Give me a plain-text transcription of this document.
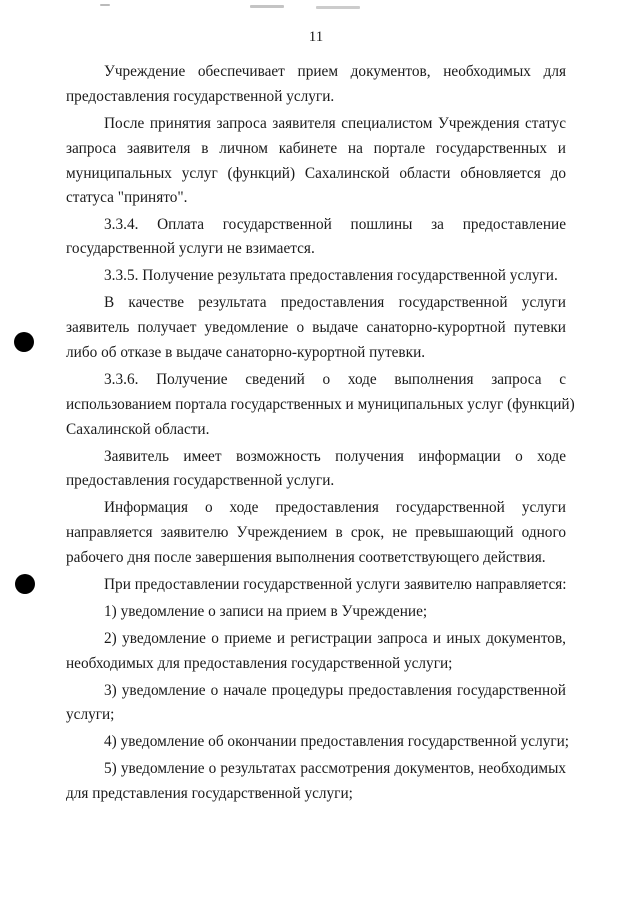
11
Учреждение обеспечивает прием документов, необходимых для
предоставления государственной услуги.
После принятия запроса заявителя специалистом Учреждения статус
запроса заявителя в личном кабинете на портале государственных и
муниципальных услуг (функций) Сахалинской области обновляется до
статуса "принято".
3.3.4. Оплата государственной пошлины за предоставление
государственной услуги не взимается.
3.3.5. Получение результата предоставления государственной услуги.
В качестве результата предоставления государственной услуги
заявитель получает уведомление о выдаче санаторно-курортной путевки
либо об отказе в выдаче санаторно-курортной путевки.
3.3.6. Получение сведений о ходе выполнения запроса с
использованием портала государственных и муниципальных услуг (функций)
Сахалинской области.
Заявитель имеет возможность получения информации о ходе
предоставления государственной услуги.
Информация о ходе предоставления государственной услуги
направляется заявителю Учреждением в срок, не превышающий одного
рабочего дня после завершения выполнения соответствующего действия.
При предоставлении государственной услуги заявителю направляется:
1) уведомление о записи на прием в Учреждение;
2) уведомление о приеме и регистрации запроса и иных документов,
необходимых для предоставления государственной услуги;
3) уведомление о начале процедуры предоставления государственной
услуги;
4) уведомление об окончании предоставления государственной услуги;
5) уведомление о результатах рассмотрения документов, необходимых
для представления государственной услуги;
